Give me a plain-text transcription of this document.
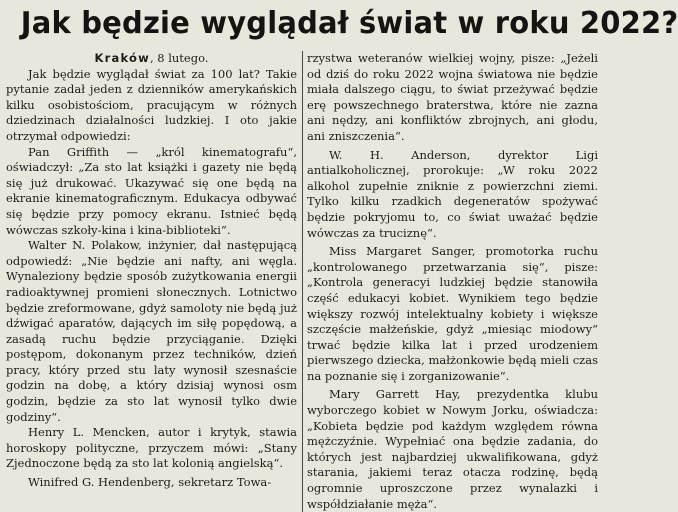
Jak będzie wyglądał świat w roku 2022?

Kraków, 8 lutego.

Jak będzie wyglądał świat za 100 lat? Takie pytanie zadał jeden z dzienników amerykańskich kilku osobistościom, pracującym w różnych dziedzinach działalności ludzkiej. I oto jakie otrzymał odpowiedzi:

Pan Griffith — „król kinematografu“, oświadczył: „Za sto lat książki i gazety nie będą się już drukować. Ukazywać się one będą na ekranie kinematograficznym. Edukacya odbywać się będzie przy pomocy ekranu. Istnieć będą wówczas szkoły-kina i kina-biblioteki“.

Walter N. Polakow, inżynier, dał następującą odpowiedź: „Nie będzie ani nafty, ani węgla. Wynaleziony będzie sposób zużytkowania energii radioaktywnej promieni słonecznych. Lotnictwo będzie zreformowane, gdyż samoloty nie będą już dźwigać aparatów, dających im siłę popędową, a zasadą ruchu będzie przyciąganie. Dzięki postępom, dokonanym przez techników, dzień pracy, który przed stu laty wynosił szesnaście godzin na dobę, a który dzisiaj wynosi osm godzin, będzie za sto lat wynosił tylko dwie godziny“.

Henry L. Mencken, autor i krytyk, stawia horoskopy polityczne, przyczem mówi: „Stany Zjednoczone będą za sto lat kolonią angielską“.

Winifred G. Hendenberg, sekretarz Towa-

rzystwa weteranów wielkiej wojny, pisze: „Jeżeli od dziś do roku 2022 wojna światowa nie będzie miała dalszego ciągu, to świat przeżywać będzie erę powszechnego braterstwa, które nie zazna ani nędzy, ani konfliktów zbrojnych, ani głodu, ani zniszczenia“.

W. H. Anderson, dyrektor Ligi antialkoholicznej, prorokuje: „W roku 2022 alkohol zupełnie zniknie z powierzchni ziemi. Tylko kilku rzadkich degeneratów spożywać będzie pokryjomu to, co świat uważać będzie wówczas za truciznę“.

Miss Margaret Sanger, promotorka ruchu „kontrolowanego przetwarzania się“, pisze: „Kontrola generacyi ludzkiej będzie stanowiła część edukacyi kobiet. Wynikiem tego będzie większy rozwój intelektualny kobiety i większe szczęście małżeńskie, gdyż „miesiąc miodowy“ trwać będzie kilka lat i przed urodzeniem pierwszego dziecka, małżonkowie będą mieli czas na poznanie się i zorganizowanie“.

Mary Garrett Hay, prezydentka klubu wyborczego kobiet w Nowym Jorku, oświadcza: „Kobieta będzie pod każdym względem równa mężczyźnie. Wypełniać ona będzie zadania, do których jest najbardziej ukwalifikowana, gdyż starania, jakiemi teraz otacza rodzinę, będą ogromnie uproszczone przez wynalazki i współdziałanie męża“.
